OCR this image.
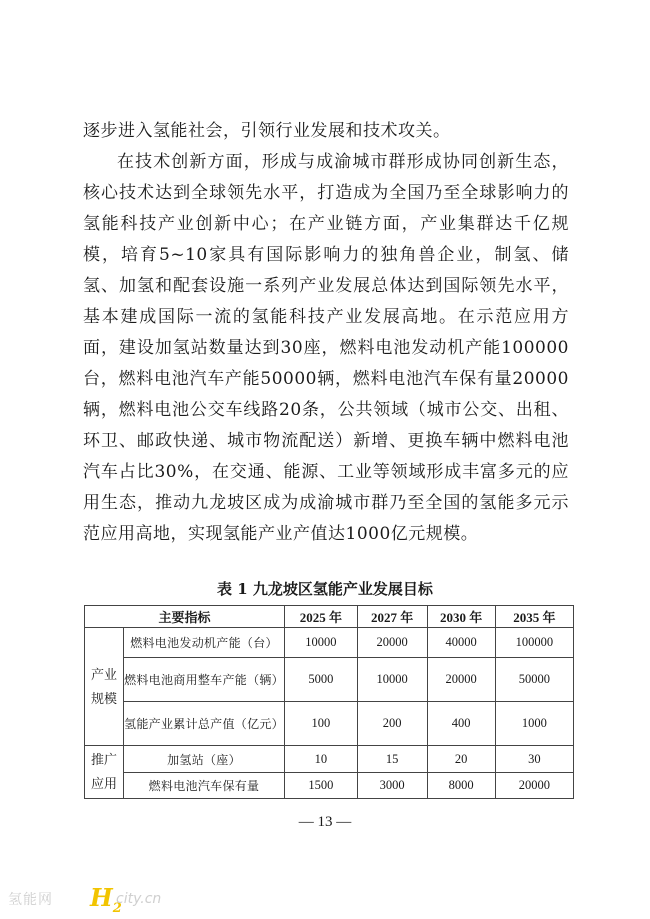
逐步进入氢能社会，引领行业发展和技术攻关。

在技术创新方面，形成与成渝城市群形成协同创新生态，核心技术达到全球领先水平，打造成为全国乃至全球影响力的氢能科技产业创新中心；在产业链方面，产业集群达千亿规模，培育5~10家具有国际影响力的独角兽企业，制氢、储氢、加氢和配套设施一系列产业发展总体达到国际领先水平，基本建成国际一流的氢能科技产业发展高地。在示范应用方面，建设加氢站数量达到30座，燃料电池发动机产能100000台，燃料电池汽车产能50000辆，燃料电池汽车保有量20000辆，燃料电池公交车线路20条，公共领域（城市公交、出租、环卫、邮政快递、城市物流配送）新增、更换车辆中燃料电池汽车占比30%，在交通、能源、工业等领域形成丰富多元的应用生态，推动九龙坡区成为成渝城市群乃至全国的氢能多元示范应用高地，实现氢能产业产值达1000亿元规模。

表 1 九龙坡区氢能产业发展目标
主要指标		2025 年	2027 年	2030 年	2035 年

产业
规模	燃料电池发动机产能（台）	10000	20000	40000	100000
	燃料电池商用整车产能（辆）	5000	10000	20000	50000
	氢能产业累计总产值（亿元）	100	200	400	1000

推广
应用	加氢站（座）	10	15	20	30
	燃料电池汽车保有量	1500	3000	8000	20000
— 13 —
氢能网 $H_2$
city.cn
